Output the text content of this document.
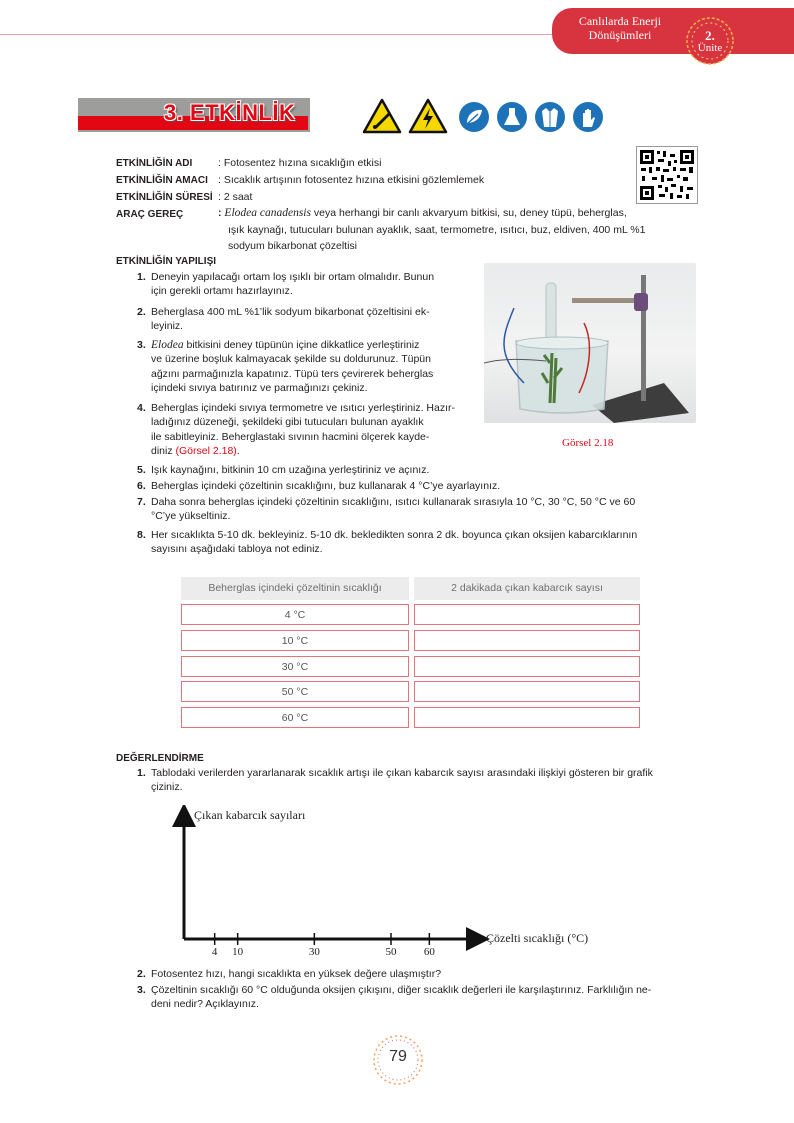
Canlılarda Enerji Dönüşümleri	2.
Ünite
3. ETKİNLİK
ETKİNLİĞİN ADI : Fotosentez hızına sıcaklığın etkisi
ETKİNLİĞİN AMACI : Sıcaklık artışının fotosentez hızına etkisini gözlemlemek
ETKİNLİĞİN SÜRESİ : 2 saat
ARAÇ GEREÇ	: Elodea canadensis veya herhangi bir canlı akvaryum bitkisi, su, deney tüpü, beherglas,
ışık kaynağı, tutucuları bulunan ayaklık, saat, termometre, ısıtıcı, buz, eldiven, 400 mL %1
sodyum bikarbonat çözeltisi
ETKİNLİĞİN YAPILIŞI
1. Deneyin yapılacağı ortam loş ışıklı bir ortam olmalıdır. Bunun
için gerekli ortamı hazırlayınız.
2. Beherglasa 400 mL %1’lik sodyum bikarbonat çözeltisini ek-
leyiniz.
3. Elodea bitkisini deney tüpünün içine dikkatlice yerleştiriniz
ve üzerine boşluk kalmayacak şekilde su doldurunuz. Tüpün
ağzını parmağınızla kapatınız. Tüpü ters çevirerek beherglas
içindeki sıvıya batırınız ve parmağınızı çekiniz.
4. Beherglas içindeki sıvıya termometre ve ısıtıcı yerleştiriniz. Hazır-
ladığınız düzeneği, şekildeki gibi tutucuları bulunan ayaklık
ile sabitleyiniz. Beherglastaki sıvının hacmini ölçerek kayde-
diniz (Görsel 2.18).
5. Işık kaynağını, bitkinin 10 cm uzağına yerleştiriniz ve açınız.
6. Beherglas içindeki çözeltinin sıcaklığını, buz kullanarak 4 °C’ye ayarlayınız.
7. Daha sonra beherglas içindeki çözeltinin sıcaklığını, ısıtıcı kullanarak sırasıyla 10 °C, 30 °C, 50 °C ve 60
°C’ye yükseltiniz.
8. Her sıcaklıkta 5-10 dk. bekleyiniz. 5-10 dk. bekledikten sonra 2 dk. boyunca çıkan oksijen kabarcıklarının
sayısını aşağıdaki tabloya not ediniz.
Görsel 2.18
Beherglas içindeki çözeltinin sıcaklığı	2 dakikada çıkan kabarcık sayısı
4 °C
10 °C
30 °C
50 °C
60 °C
DEĞERLENDİRME
1. Tablodaki verilerden yararlanarak sıcaklık artışı ile çıkan kabarcık sayısı arasındaki ilişkiyi gösteren bir grafik
çiziniz.
Çıkan kabarcık sayıları
Çözelti sıcaklığı (°C)
4 10	30	50 60
2. Fotosentez hızı, hangi sıcaklıkta en yüksek değere ulaşmıştır?
3. Çözeltinin sıcaklığı 60 °C olduğunda oksijen çıkışını, diğer sıcaklık değerleri ile karşılaştırınız. Farklılığın ne-
deni nedir? Açıklayınız.
79
